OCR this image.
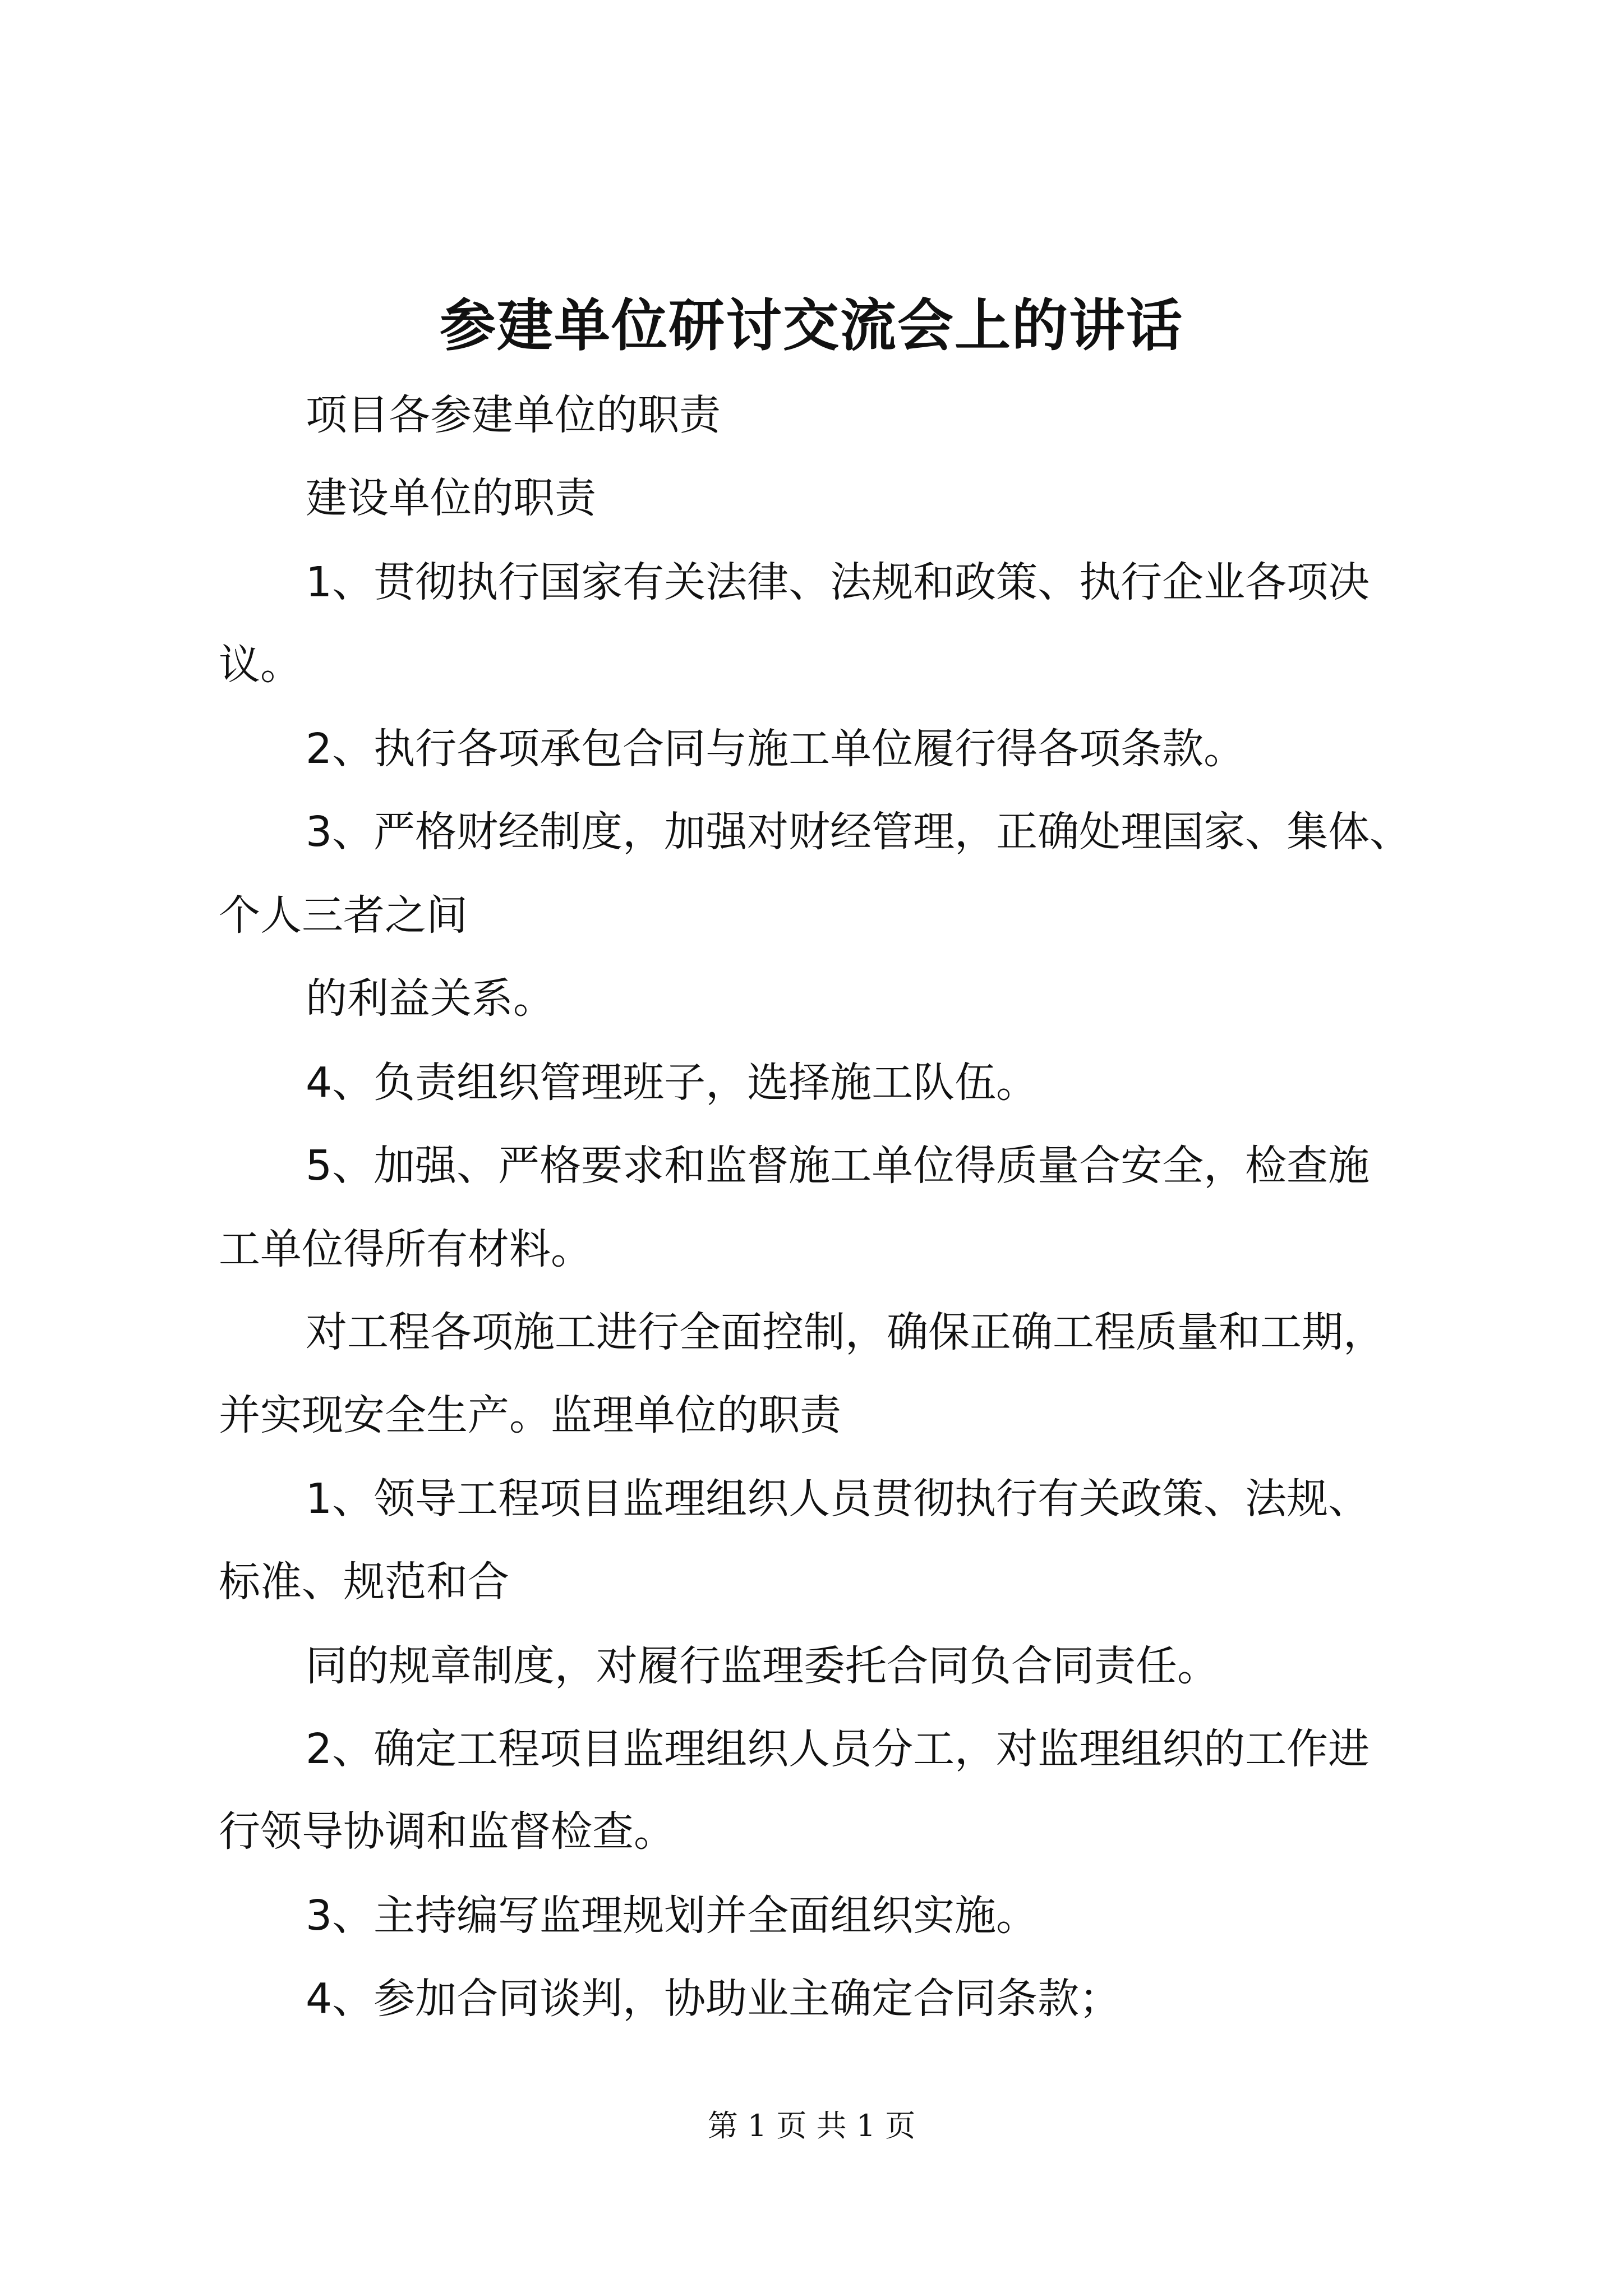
参建单位研讨交流会上的讲话
项目各参建单位的职责
建设单位的职责
1、贯彻执行国家有关法律、法规和政策、执行企业各项决
议。
2、执行各项承包合同与施工单位履行得各项条款。
3、严格财经制度，加强对财经管理，正确处理国家、集体、
个人三者之间
的利益关系。
4、负责组织管理班子，选择施工队伍。
5、加强、严格要求和监督施工单位得质量合安全，检查施
工单位得所有材料。
对工程各项施工进行全面控制，确保正确工程质量和工期，
并实现安全生产。监理单位的职责
1、领导工程项目监理组织人员贯彻执行有关政策、法规、
标准、规范和合
同的规章制度，对履行监理委托合同负合同责任。
2、确定工程项目监理组织人员分工，对监理组织的工作进
行领导协调和监督检查。
3、主持编写监理规划并全面组织实施。
4、参加合同谈判，协助业主确定合同条款；
第 1 页 共 1 页
